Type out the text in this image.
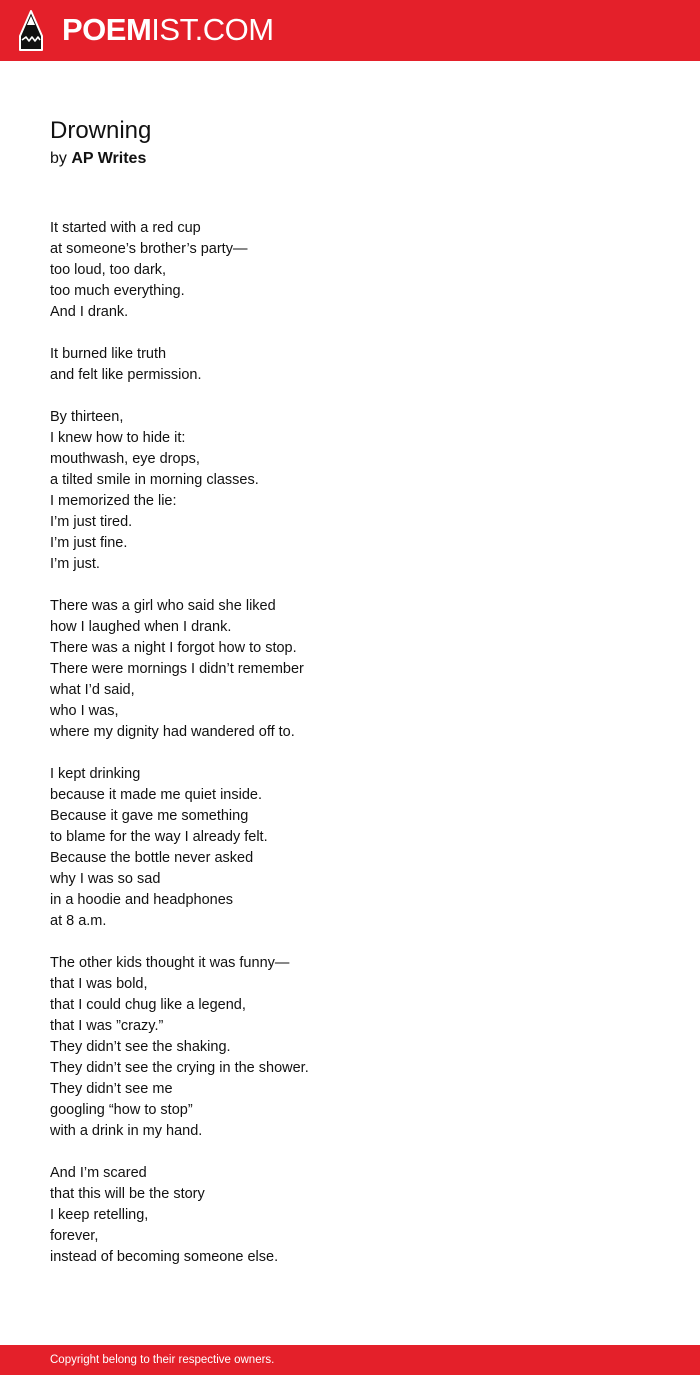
POEMIST.COM
Drowning
by AP Writes
It started with a red cup
at someone’s brother’s party—
too loud, too dark,
too much everything.
And I drank.
It burned like truth
and felt like permission.
By thirteen,
I knew how to hide it:
mouthwash, eye drops,
a tilted smile in morning classes.
I memorized the lie:
I’m just tired.
I’m just fine.
I’m just.
There was a girl who said she liked
how I laughed when I drank.
There was a night I forgot how to stop.
There were mornings I didn’t remember
what I’d said,
who I was,
where my dignity had wandered off to.
I kept drinking
because it made me quiet inside.
Because it gave me something
to blame for the way I already felt.
Because the bottle never asked
why I was so sad
in a hoodie and headphones
at 8 a.m.
The other kids thought it was funny—
that I was bold,
that I could chug like a legend,
that I was ”crazy.”
They didn’t see the shaking.
They didn’t see the crying in the shower.
They didn’t see me
googling “how to stop”
with a drink in my hand.
And I’m scared
that this will be the story
I keep retelling,
forever,
instead of becoming someone else.
Copyright belong to their respective owners.
